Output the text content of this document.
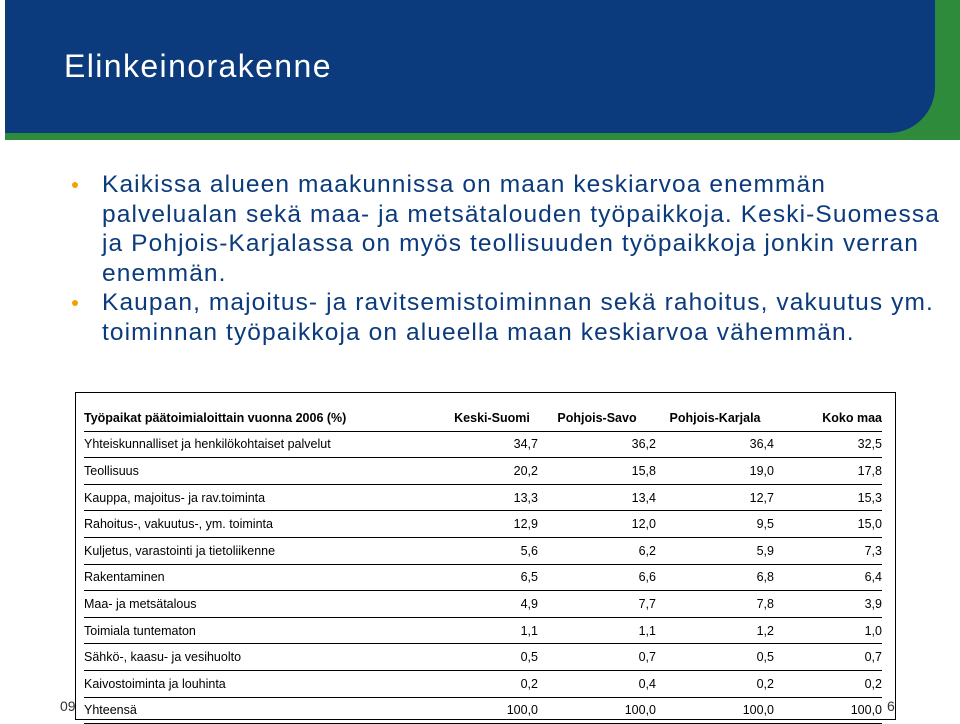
Elinkeinorakenne
Kaikissa alueen maakunnissa on maan keskiarvoa enemmän palvelualan sekä maa- ja metsätalouden työpaikkoja. Keski-Suomessa ja Pohjois-Karjalassa on myös teollisuuden työpaikkoja jonkin verran enemmän.
Kaupan, majoitus- ja ravitsemistoiminnan sekä rahoitus, vakuutus ym. toiminnan työpaikkoja on alueella maan keskiarvoa vähemmän.
Työpaikat päätoimialoittain vuonna 2006 (%)	Keski-Suomi	Pohjois-Savo	Pohjois-Karjala	Koko maa
Yhteiskunnalliset ja henkilökohtaiset palvelut	34,7	36,2	36,4	32,5
Teollisuus	20,2	15,8	19,0	17,8
Kauppa, majoitus- ja rav.toiminta	13,3	13,4	12,7	15,3
Rahoitus-, vakuutus-, ym. toiminta	12,9	12,0	9,5	15,0
Kuljetus, varastointi ja tietoliikenne	5,6	6,2	5,9	7,3
Rakentaminen	6,5	6,6	6,8	6,4
Maa- ja metsätalous	4,9	7,7	7,8	3,9
Toimiala tuntematon	1,1	1,1	1,2	1,0
Sähkö-, kaasu- ja vesihuolto	0,5	0,7	0,5	0,7
Kaivostoiminta ja louhinta	0,2	0,4	0,2	0,2
Yhteensä	100,0	100,0	100,0	100,0
09	6
